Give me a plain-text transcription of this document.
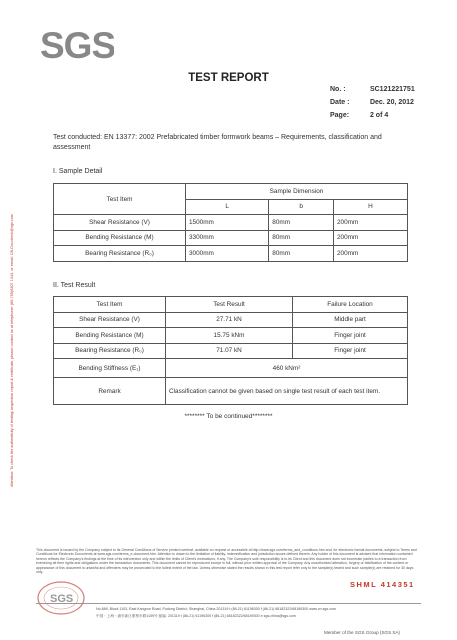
SGS
TEST REPORT
No. :	SC121221751
Date :	Dec. 20, 2012
Page:	2 of 4
Attention: To check the authenticity of testing/ inspection report & certificate, please contact us at telephone: (86-755)8307 1443, or email: CN.Doccheck@sgs.com
Test conducted: EN 13377: 2002 Prefabricated timber formwork beams – Requirements, classification and assessment
I. Sample Detail
Test Item	Sample Dimension		
	L	b	H
Shear Resistance (V)	1500mm	80mm	200mm
Bending Resistance (M)	3300mm	80mm	200mm
Bearing Resistance (R₀)	3000mm	80mm	200mm
II. Test Result
Test Item	Test Result	Failure Location
Shear Resistance (V)	27.71 kN	Middle part
Bending Resistance (M)	15.75 kNm	Finger joint
Bearing Resistance (R₀)	71.07 kN	Finger joint
Bending Stiffness (E₁)	460 kNm²	
Remark	Classification cannot be given based on single test result of each test item.	
******** To be continued********
This document is issued by the Company subject to its General Conditions of Service printed overleaf, available on request or accessible at http://www.sgs.com/terms_and_conditions.htm and, for electronic format documents, subject to Terms and Conditions for Electronic Documents at www.sgs.com/terms_e-document.htm. Attention is drawn to the limitation of liability, indemnification and jurisdiction issues defined therein. Any holder of this document is advised that information contained hereon reflects the Company's findings at the time of its intervention only and within the limits of Client's instructions, if any. The Company's sole responsibility is to its Client and this document does not exonerate parties to a transaction from exercising all their rights and obligations under the transaction documents. This document cannot be reproduced except in full, without prior written approval of the Company. Any unauthorized alteration, forgery or falsification of the content or appearance of this document is unlawful and offenders may be prosecuted to the fullest extent of the law. Unless otherwise stated the results shown in this test report refer only to the sample(s) tested and such sample(s) are retained for 30 days only.
SGS
SHML 414351
No.889, Block 1103, East Kangrun Road, Pudong District, Shanghai, China 201319 t (86-21) 61196300 f (86-21) 68182322/68189300 www.cn.sgs.com
中国・上海・浦东新区康桥东路1159号 邮编: 201319 t (86-21) 61196300 f (86-21) 68182322/68189300 e sgs.china@sgs.com
Member of the SGS Group (SGS SA)
